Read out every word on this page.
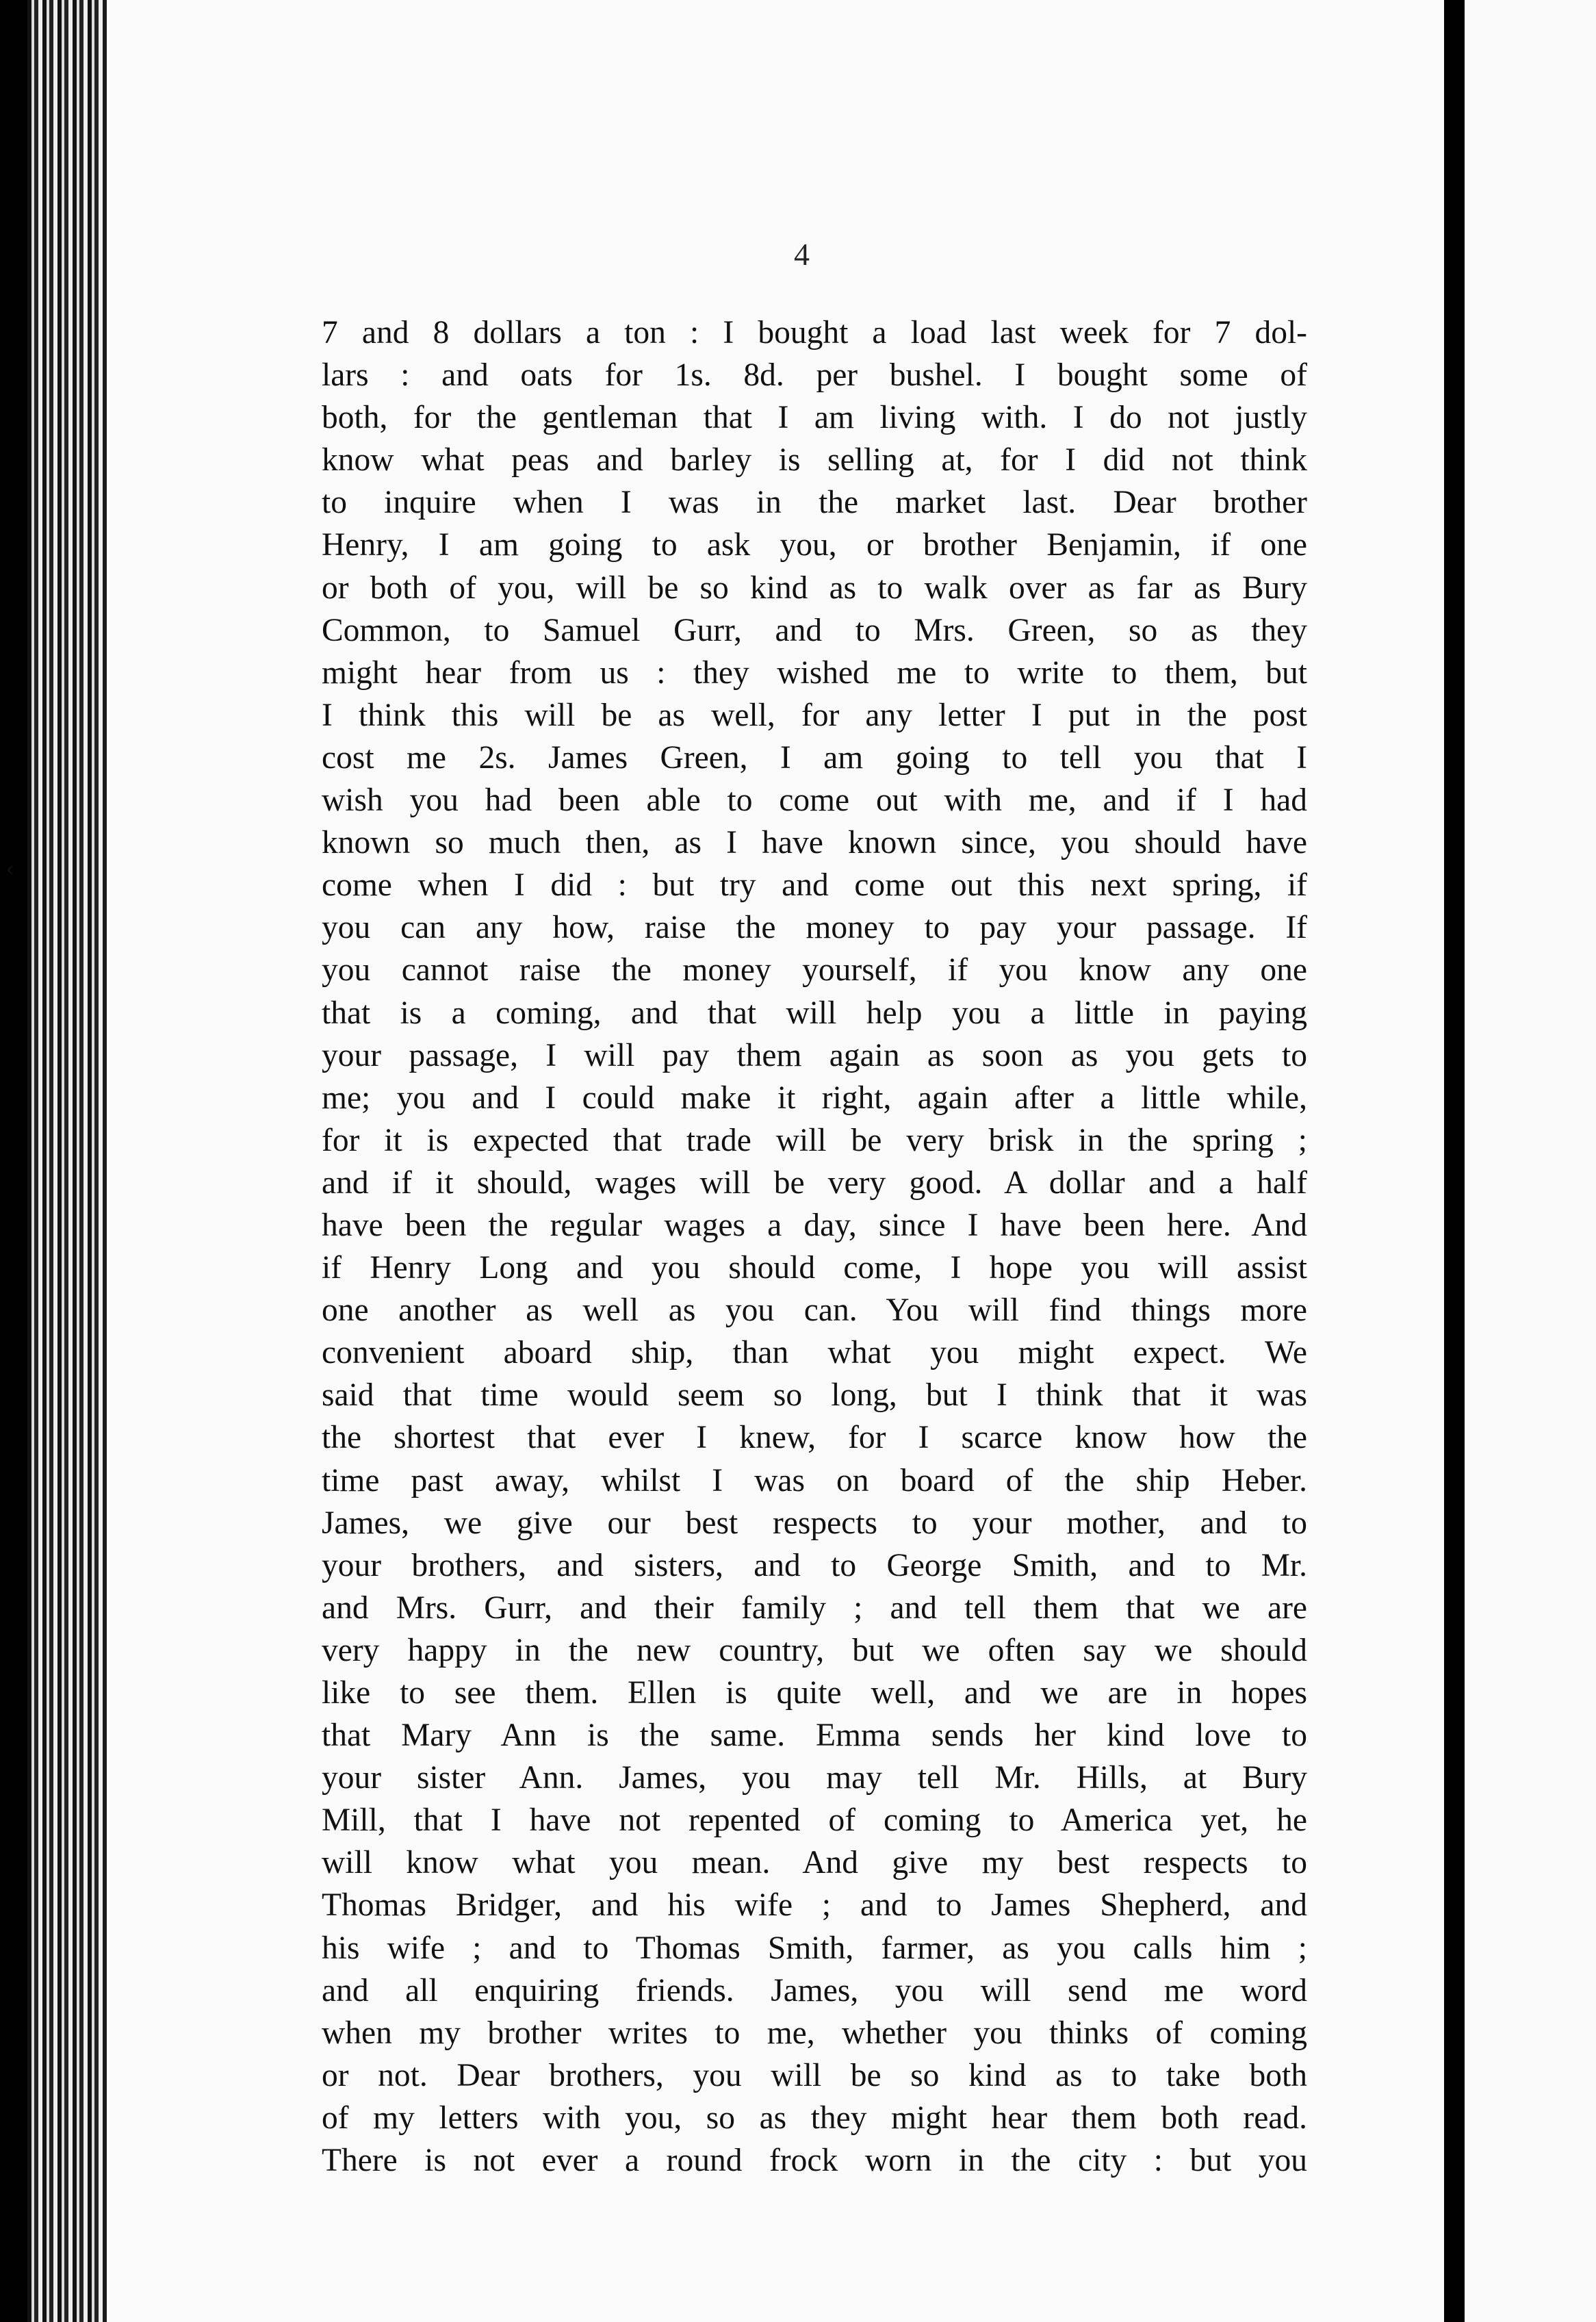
‹
4
7 and 8 dollars a ton : I bought a load last week for 7 dol-
lars : and oats for 1s. 8d. per bushel. I bought some of
both, for the gentleman that I am living with. I do not justly
know what peas and barley is selling at, for I did not think
to inquire when I was in the market last. Dear brother
Henry, I am going to ask you, or brother Benjamin, if one
or both of you, will be so kind as to walk over as far as Bury
Common, to Samuel Gurr, and to Mrs. Green, so as they
might hear from us : they wished me to write to them, but
I think this will be as well, for any letter I put in the post
cost me 2s. James Green, I am going to tell you that I
wish you had been able to come out with me, and if I had
known so much then, as I have known since, you should have
come when I did : but try and come out this next spring, if
you can any how, raise the money to pay your passage. If
you cannot raise the money yourself, if you know any one
that is a coming, and that will help you a little in paying
your passage, I will pay them again as soon as you gets to
me; you and I could make it right, again after a little while,
for it is expected that trade will be very brisk in the spring ;
and if it should, wages will be very good. A dollar and a half
have been the regular wages a day, since I have been here. And
if Henry Long and you should come, I hope you will assist
one another as well as you can. You will find things more
convenient aboard ship, than what you might expect. We
said that time would seem so long, but I think that it was
the shortest that ever I knew, for I scarce know how the
time past away, whilst I was on board of the ship Heber.
James, we give our best respects to your mother, and to
your brothers, and sisters, and to George Smith, and to Mr.
and Mrs. Gurr, and their family ; and tell them that we are
very happy in the new country, but we often say we should
like to see them. Ellen is quite well, and we are in hopes
that Mary Ann is the same. Emma sends her kind love to
your sister Ann. James, you may tell Mr. Hills, at Bury
Mill, that I have not repented of coming to America yet, he
will know what you mean. And give my best respects to
Thomas Bridger, and his wife ; and to James Shepherd, and
his wife ; and to Thomas Smith, farmer, as you calls him ;
and all enquiring friends. James, you will send me word
when my brother writes to me, whether you thinks of coming
or not. Dear brothers, you will be so kind as to take both
of my letters with you, so as they might hear them both read.
There is not ever a round frock worn in the city : but you
